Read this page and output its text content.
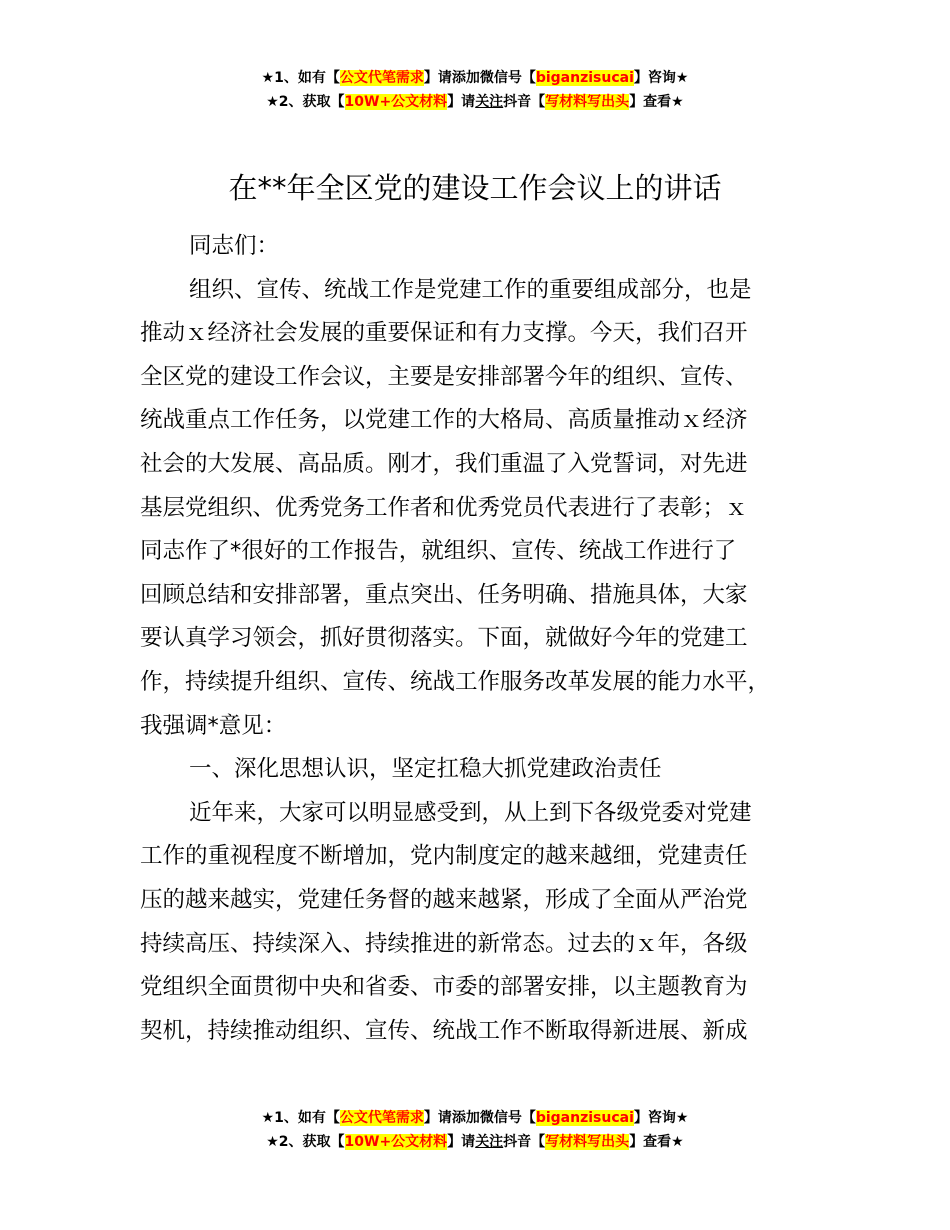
★1、如有【公文代笔需求】请添加微信号【biganzisucai】咨询★
★2、获取【10W+公文材料】请关注抖音【写材料写出头】查看★
在**年全区党的建设工作会议上的讲话
同志们：
组织、宣传、统战工作是党建工作的重要组成部分，也是
推动ｘ经济社会发展的重要保证和有力支撑。今天，我们召开
全区党的建设工作会议，主要是安排部署今年的组织、宣传、
统战重点工作任务，以党建工作的大格局、高质量推动ｘ经济
社会的大发展、高品质。刚才，我们重温了入党誓词，对先进
基层党组织、优秀党务工作者和优秀党员代表进行了表彰；ｘ
同志作了*很好的工作报告，就组织、宣传、统战工作进行了
回顾总结和安排部署，重点突出、任务明确、措施具体，大家
要认真学习领会，抓好贯彻落实。下面，就做好今年的党建工
作，持续提升组织、宣传、统战工作服务改革发展的能力水平，
我强调*意见：
一、深化思想认识，坚定扛稳大抓党建政治责任
近年来，大家可以明显感受到，从上到下各级党委对党建
工作的重视程度不断增加，党内制度定的越来越细，党建责任
压的越来越实，党建任务督的越来越紧，形成了全面从严治党
持续高压、持续深入、持续推进的新常态。过去的ｘ年，各级
党组织全面贯彻中央和省委、市委的部署安排，以主题教育为
契机，持续推动组织、宣传、统战工作不断取得新进展、新成
★1、如有【公文代笔需求】请添加微信号【biganzisucai】咨询★
★2、获取【10W+公文材料】请关注抖音【写材料写出头】查看★
